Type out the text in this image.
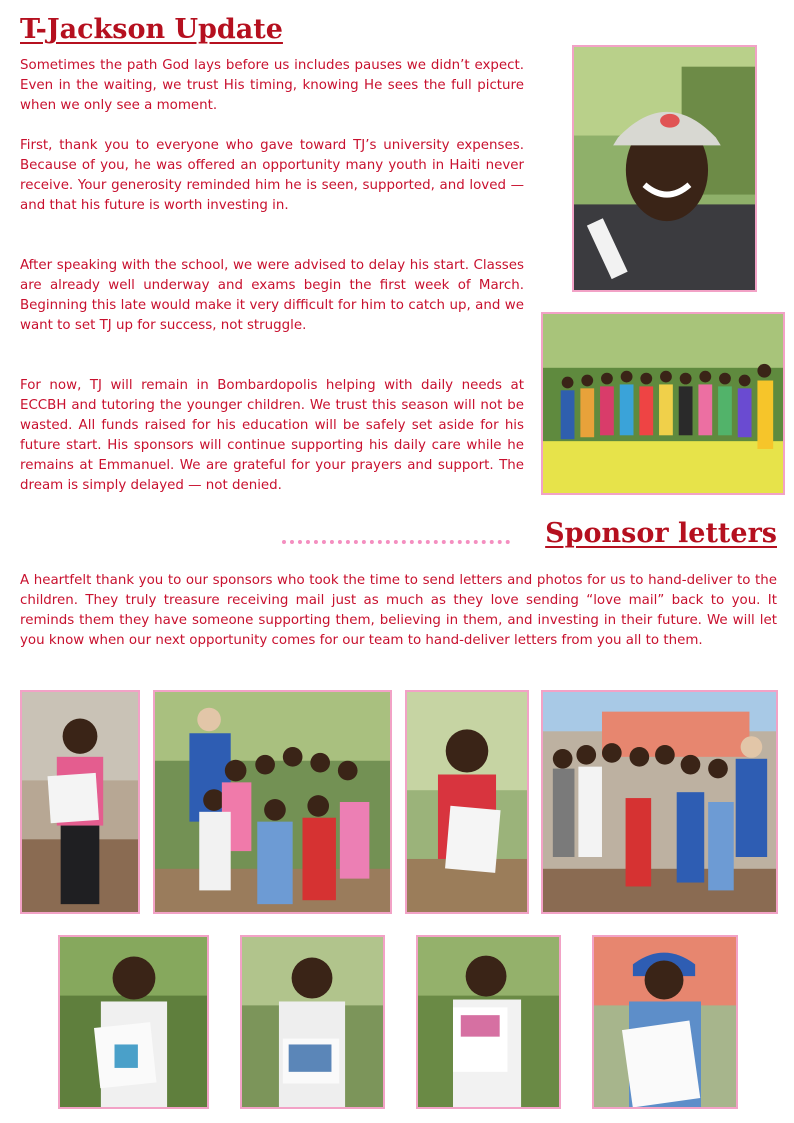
T-Jackson Update

Sometimes the path God lays before us includes pauses we didn’t expect. Even in the waiting, we trust His timing, knowing He sees the full picture when we only see a moment.

First, thank you to everyone who gave toward TJ’s university expenses. Because of you, he was offered an opportunity many youth in Haiti never receive. Your generosity reminded him he is seen, supported, and loved — and that his future is worth investing in.

After speaking with the school, we were advised to delay his start. Classes are already well underway and exams begin the first week of March. Beginning this late would make it very difficult for him to catch up, and we want to set TJ up for success, not struggle.

For now, TJ will remain in Bombardopolis helping with daily needs at ECCBH and tutoring the younger children. We trust this season will not be wasted. All funds raised for his education will be safely set aside for his future start. His sponsors will continue supporting his daily care while he remains at Emmanuel. We are grateful for your prayers and support. The dream is simply delayed — not denied.

Sponsor letters

A heartfelt thank you to our sponsors who took the time to send letters and photos for us to hand-deliver to the children. They truly treasure receiving mail just as much as they love sending “love mail” back to you. It reminds them they have someone supporting them, believing in them, and investing in their future. We will let you know when our next opportunity comes for our team to hand-deliver letters from you all to them.
